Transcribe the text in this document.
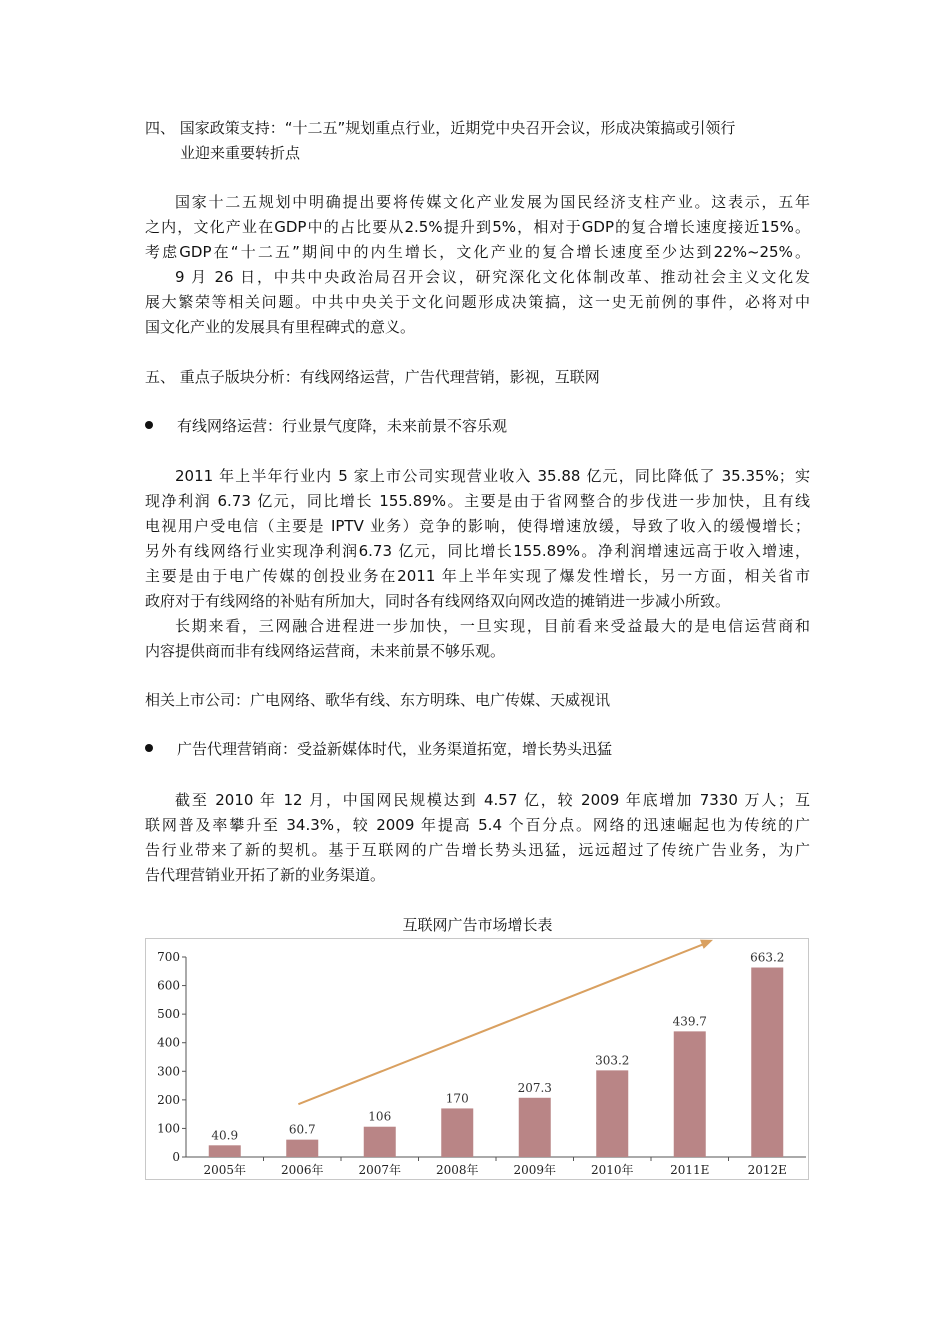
四、 国家政策支持：“十二五”规划重点行业，近期党中央召开会议，形成决策搞或引领行
业迎来重要转折点
国家十二五规划中明确提出要将传媒文化产业发展为国民经济支柱产业。这表示，五年
之内，文化产业在GDP中的占比要从2.5%提升到5%，相对于GDP的复合增长速度接近15%。
考虑GDP在“十二五”期间中的内生增长，文化产业的复合增长速度至少达到22%~25%。
9 月 26 日，中共中央政治局召开会议，研究深化文化体制改革、推动社会主义文化发
展大繁荣等相关问题。中共中央关于文化问题形成决策搞，这一史无前例的事件，必将对中
国文化产业的发展具有里程碑式的意义。
五、 重点子版块分析：有线网络运营，广告代理营销，影视，互联网
有线网络运营：行业景气度降，未来前景不容乐观
2011 年上半年行业内 5 家上市公司实现营业收入 35.88 亿元，同比降低了 35.35%；实
现净利润 6.73 亿元，同比增长 155.89%。主要是由于省网整合的步伐进一步加快，且有线
电视用户受电信（主要是 IPTV 业务）竞争的影响，使得增速放缓，导致了收入的缓慢增长；
另外有线网络行业实现净利润6.73 亿元，同比增长155.89%。净利润增速远高于收入增速，
主要是由于电广传媒的创投业务在2011 年上半年实现了爆发性增长，另一方面，相关省市
政府对于有线网络的补贴有所加大，同时各有线网络双向网改造的摊销进一步减小所致。
长期来看，三网融合进程进一步加快，一旦实现，目前看来受益最大的是电信运营商和
内容提供商而非有线网络运营商，未来前景不够乐观。
相关上市公司：广电网络、歌华有线、东方明珠、电广传媒、天威视讯
广告代理营销商：受益新媒体时代，业务渠道拓宽，增长势头迅猛
截至 2010 年 12 月，中国网民规模达到 4.57 亿，较 2009 年底增加 7330 万人；互
联网普及率攀升至 34.3%，较 2009 年提高 5.4 个百分点。网络的迅速崛起也为传统的广
告行业带来了新的契机。基于互联网的广告增长势头迅猛，远远超过了传统广告业务，为广
告代理营销业开拓了新的业务渠道。
互联网广告市场增长表
0
100
200
300
400
500
600
700
40.9
2005年
60.7
2006年
106
2007年
170
2008年
207.3
2009年
303.2
2010年
439.7
2011E
663.2
2012E
